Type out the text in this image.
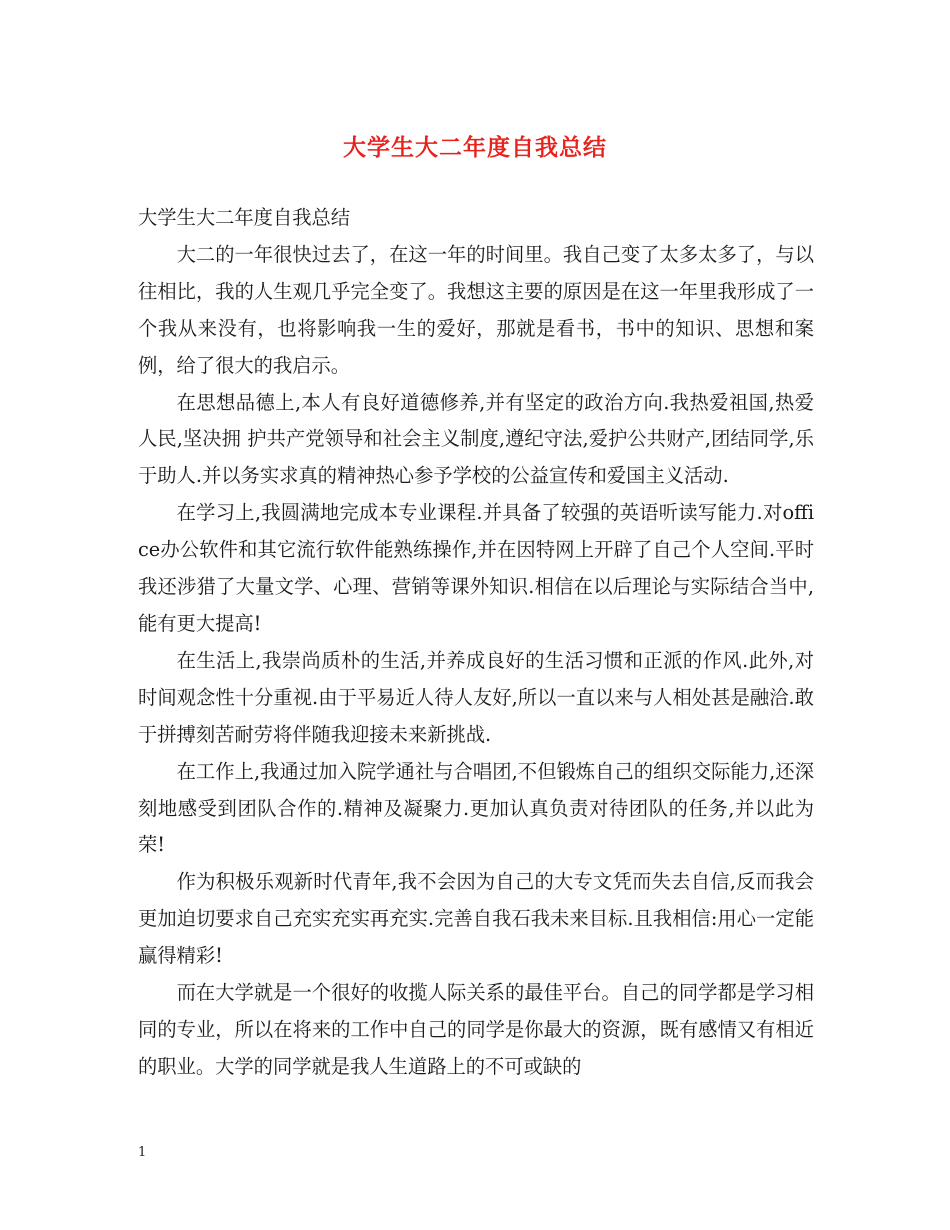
大学生大二年度自我总结

大学生大二年度自我总结

大二的一年很快过去了，在这一年的时间里。我自己变了太多太多了，与以往相比，我的人生观几乎完全变了。我想这主要的原因是在这一年里我形成了一个我从来没有，也将影响我一生的爱好，那就是看书，书中的知识、思想和案例，给了很大的我启示。

在思想品德上,本人有良好道德修养,并有坚定的政治方向.我热爱祖国,热爱人民,坚决拥 护共产党领导和社会主义制度,遵纪守法,爱护公共财产,团结同学,乐于助人.并以务实求真的精神热心参予学校的公益宣传和爱国主义活动.

在学习上,我圆满地完成本专业课程.并具备了较强的英语听读写能力.对office办公软件和其它流行软件能熟练操作,并在因特网上开辟了自己个人空间.平时我还涉猎了大量文学、心理、营销等课外知识.相信在以后理论与实际结合当中,能有更大提高!

在生活上,我崇尚质朴的生活,并养成良好的生活习惯和正派的作风.此外,对时间观念性十分重视.由于平易近人待人友好,所以一直以来与人相处甚是融洽.敢于拼搏刻苦耐劳将伴随我迎接未来新挑战.

在工作上,我通过加入院学通社与合唱团,不但锻炼自己的组织交际能力,还深刻地感受到团队合作的.精神及凝聚力.更加认真负责对待团队的任务,并以此为荣!

作为积极乐观新时代青年,我不会因为自己的大专文凭而失去自信,反而我会更加迫切要求自己充实充实再充实.完善自我石我未来目标.且我相信:用心一定能赢得精彩!

而在大学就是一个很好的收揽人际关系的最佳平台。自己的同学都是学习相同的专业，所以在将来的工作中自己的同学是你最大的资源，既有感情又有相近的职业。大学的同学就是我人生道路上的不可或缺的

1
